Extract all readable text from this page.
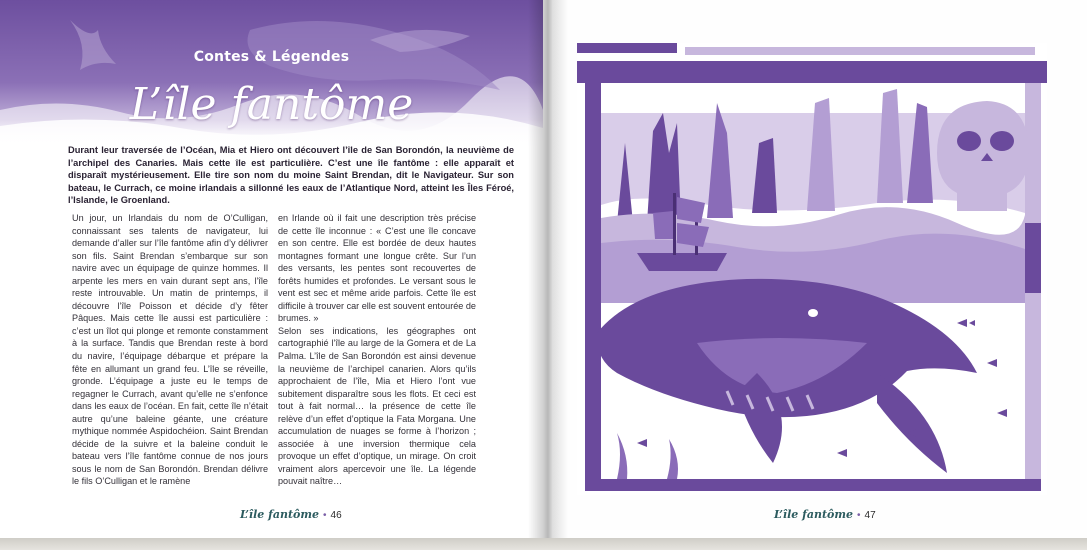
Contes & Légendes
L’île fantôme
Durant leur traversée de l’Océan, Mia et Hiero ont découvert l’île de San Borondón, la neuvième de l’archipel des Canaries. Mais cette île est particulière. C’est une île fantôme : elle apparaît et disparaît mystérieusement. Elle tire son nom du moine Saint Brendan, dit le Navigateur. Sur son bateau, le Currach, ce moine irlandais a sillonné les eaux de l’Atlantique Nord, atteint les Îles Féroé, l’Islande, le Groenland.

Un jour, un Irlandais du nom de O’Culligan, connaissant ses talents de navigateur, lui demande d’aller sur l’île fantôme afin d’y délivrer son fils. Saint Brendan s’embarque sur son navire avec un équipage de quinze hommes. Il arpente les mers en vain durant sept ans, l’île reste introuvable. Un matin de printemps, il découvre l’île Poisson et décide d’y fêter Pâques. Mais cette île aussi est particulière : c’est un îlot qui plonge et remonte constamment à la surface. Tandis que Brendan reste à bord du navire, l’équipage débarque et prépare la fête en allumant un grand feu. L’île se réveille, gronde. L’équipage a juste eu le temps de regagner le Currach, avant qu’elle ne s’enfonce dans les eaux de l’océan. En fait, cette île n’était autre qu’une baleine géante, une créature mythique nommée Aspidochéion. Saint Brendan décide de la suivre et la baleine conduit le bateau vers l’île fantôme connue de nos jours sous le nom de San Borondón. Brendan délivre le fils O’Culligan et le ramène

en Irlande où il fait une description très précise de cette île inconnue : « C’est une île concave en son centre. Elle est bordée de deux hautes montagnes formant une longue crête. Sur l’un des versants, les pentes sont recouvertes de forêts humides et profondes. Le versant sous le vent est sec et même aride parfois. Cette île est difficile à trouver car elle est souvent entourée de brumes. »

Selon ses indications, les géographes ont cartographié l’île au large de la Gomera et de La Palma. L’île de San Borondón est ainsi devenue la neuvième de l’archipel canarien. Alors qu’ils approchaient de l’île, Mia et Hiero l’ont vue subitement disparaître sous les flots. Et ceci est tout à fait normal… la présence de cette île relève d’un effet d’optique la Fata Morgana. Une accumulation de nuages se forme à l’horizon ; associée à une inversion thermique cela provoque un effet d’optique, un mirage. On croit vraiment alors apercevoir une île. La légende pouvait naître…

L’île fantôme • 46	L’île fantôme • 47
